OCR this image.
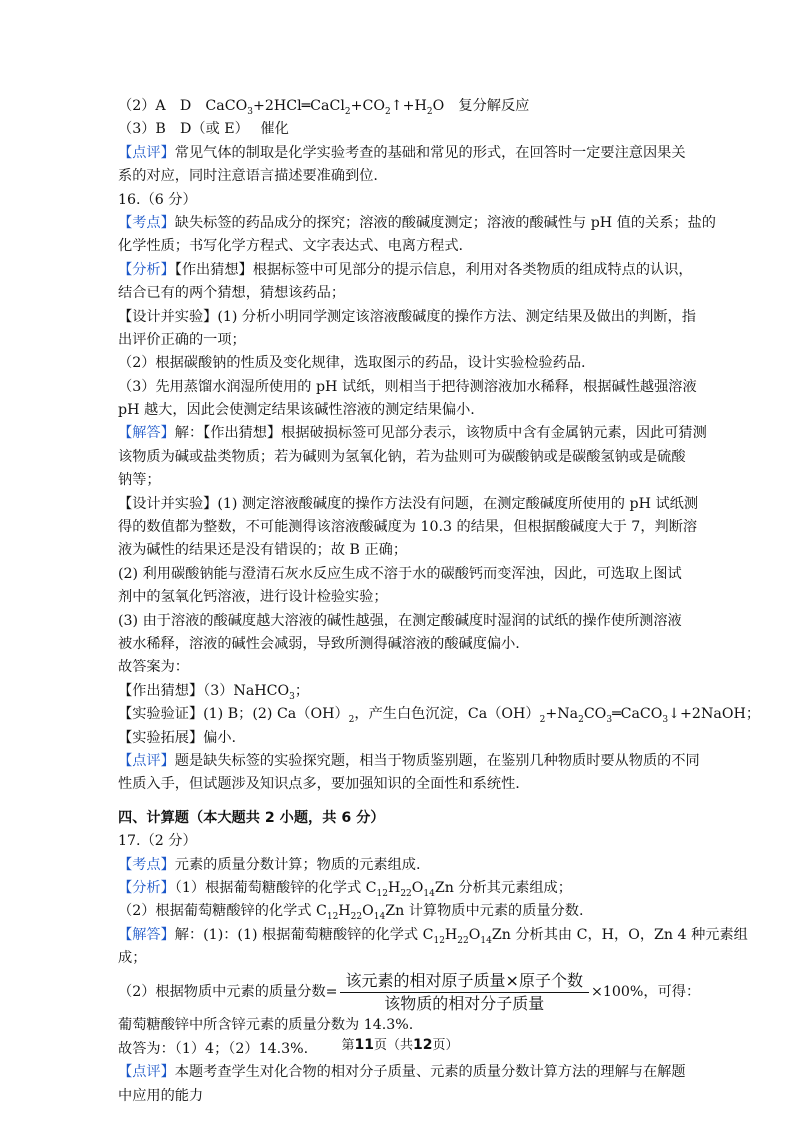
（2）A　D　$CaCO_3+2HCl═CaCl_2+CO_2↑+H_2O$　复分解反应
（3）B　D（或 E）　 催化
【点评】常见气体的制取是化学实验考查的基础和常见的形式，在回答时一定要注意因果关
系的对应，同时注意语言描述要准确到位.
16.（6 分）
【考点】缺失标签的药品成分的探究；溶液的酸碱度测定；溶液的酸碱性与 pH 值的关系；盐的
化学性质；书写化学方程式、文字表达式、电离方程式.
【分析】【作出猜想】根据标签中可见部分的提示信息，利用对各类物质的组成特点的认识，
结合已有的两个猜想，猜想该药品；
【设计并实验】(1) 分析小明同学测定该溶液酸碱度的操作方法、测定结果及做出的判断，指
出评价正确的一项；
（2）根据碳酸钠的性质及变化规律，选取图示的药品，设计实验检验药品.
（3）先用蒸馏水润湿所使用的 pH 试纸，则相当于把待测溶液加水稀释，根据碱性越强溶液
pH 越大，因此会使测定结果该碱性溶液的测定结果偏小.
【解答】解：【作出猜想】根据破损标签可见部分表示，该物质中含有金属钠元素，因此可猜测
该物质为碱或盐类物质；若为碱则为氢氧化钠，若为盐则可为碳酸钠或是碳酸氢钠或是硫酸
钠等；
【设计并实验】(1) 测定溶液酸碱度的操作方法没有问题，在测定酸碱度所使用的 pH 试纸测
得的数值都为整数，不可能测得该溶液酸碱度为 10.3 的结果，但根据酸碱度大于 7，判断溶
液为碱性的结果还是没有错误的；故 B 正确；
(2) 利用碳酸钠能与澄清石灰水反应生成不溶于水的碳酸钙而变浑浊，因此，可选取上图试
剂中的氢氧化钙溶液，进行设计检验实验；
(3) 由于溶液的酸碱度越大溶液的碱性越强，在测定酸碱度时湿润的试纸的操作使所测溶液
被水稀释，溶液的碱性会减弱，导致所测得碱溶液的酸碱度偏小.
故答案为：
【作出猜想】（3）NaHCO$_3$；
【实验验证】(1) B；(2) $Ca(OH)_2$，产生白色沉淀，$Ca(OH)_2+Na_2CO_3═CaCO_3↓+2NaOH$；
【实验拓展】偏小.
【点评】题是缺失标签的实验探究题，相当于物质鉴别题，在鉴别几种物质时要从物质的不同
性质入手，但试题涉及知识点多，要加强知识的全面性和系统性.
四、计算题（本大题共 2 小题，共 6 分）
17.（2 分）
【考点】元素的质量分数计算；物质的元素组成.
【分析】（1）根据葡萄糖酸锌的化学式 $C_{12}H_{22}O_{14}Zn$ 分析其元素组成；
（2）根据葡萄糖酸锌的化学式 $C_{12}H_{22}O_{14}Zn$ 计算物质中元素的质量分数.
【解答】解：(1)：(1) 根据葡萄糖酸锌的化学式 $C_{12}H_{22}O_{14}Zn$ 分析其由 C，H，O，Zn 4 种元素组
成；
（2）根据物质中元素的质量分数= $\frac{\text{该元素的相对原子质量×原子个数}}{\text{该物质的相对分子质量}} \times 100\%$，可得：
葡萄糖酸锌中所含锌元素的质量分数为 14.3%.
故答为：（1）4；（2）14.3%.
【点评】本题考查学生对化合物的相对分子质量、元素的质量分数计算方法的理解与在解题
中应用的能力
第11页（共12页）
